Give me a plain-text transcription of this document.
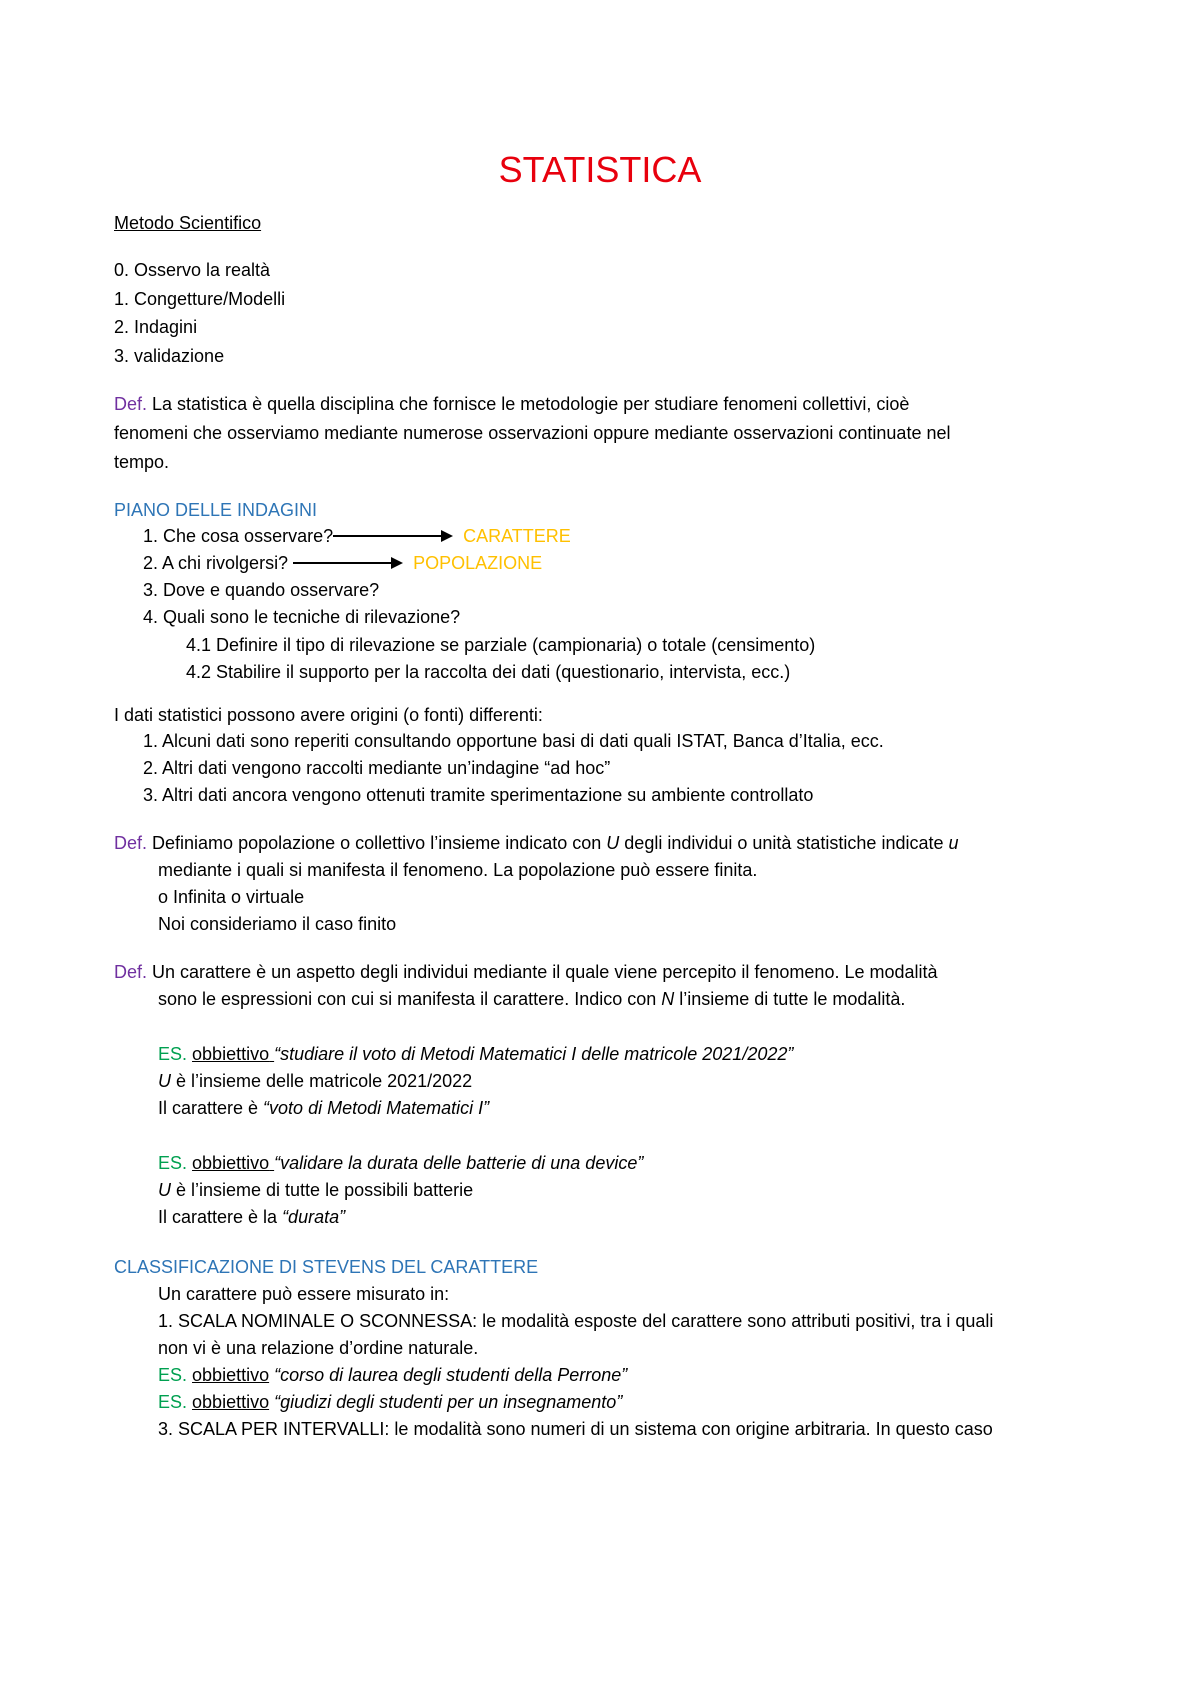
STATISTICA
Metodo Scientifico
0. Osservo la realtà
1. Congetture/Modelli
2. Indagini
3. validazione
Def. La statistica è quella disciplina che fornisce le metodologie per studiare fenomeni collettivi, cioè
fenomeni che osserviamo mediante numerose osservazioni oppure mediante osservazioni continuate nel
tempo.
PIANO DELLE INDAGINI
1. Che cosa osservare?	CARATTERE
2. A chi rivolgersi?	POPOLAZIONE
3. Dove e quando osservare?
4. Quali sono le tecniche di rilevazione?
4.1 Definire il tipo di rilevazione se parziale (campionaria) o totale (censimento)
4.2 Stabilire il supporto per la raccolta dei dati (questionario, intervista, ecc.)
I dati statistici possono avere origini (o fonti) differenti:
1. Alcuni dati sono reperiti consultando opportune basi di dati quali ISTAT, Banca d’Italia, ecc.
2. Altri dati vengono raccolti mediante un’indagine “ad hoc”
3. Altri dati ancora vengono ottenuti tramite sperimentazione su ambiente controllato
Def. Definiamo popolazione o collettivo l’insieme indicato con U degli individui o unità statistiche indicate u
mediante i quali si manifesta il fenomeno. La popolazione può essere finita.
o Infinita o virtuale
Noi consideriamo il caso finito
Def. Un carattere è un aspetto degli individui mediante il quale viene percepito il fenomeno. Le modalità
sono le espressioni con cui si manifesta il carattere. Indico con N l’insieme di tutte le modalità.
ES. obbiettivo “studiare il voto di Metodi Matematici I delle matricole 2021/2022”
U è l’insieme delle matricole 2021/2022
Il carattere è “voto di Metodi Matematici I”
ES. obbiettivo “validare la durata delle batterie di una device”
U è l’insieme di tutte le possibili batterie
Il carattere è la “durata”
CLASSIFICAZIONE DI STEVENS DEL CARATTERE
Un carattere può essere misurato in:
1. SCALA NOMINALE O SCONNESSA: le modalità esposte del carattere sono attributi positivi, tra i quali
non vi è una relazione d’ordine naturale.
ES. obbiettivo “corso di laurea degli studenti della Perrone”
ES. obbiettivo “giudizi degli studenti per un insegnamento”
3. SCALA PER INTERVALLI: le modalità sono numeri di un sistema con origine arbitraria. In questo caso
